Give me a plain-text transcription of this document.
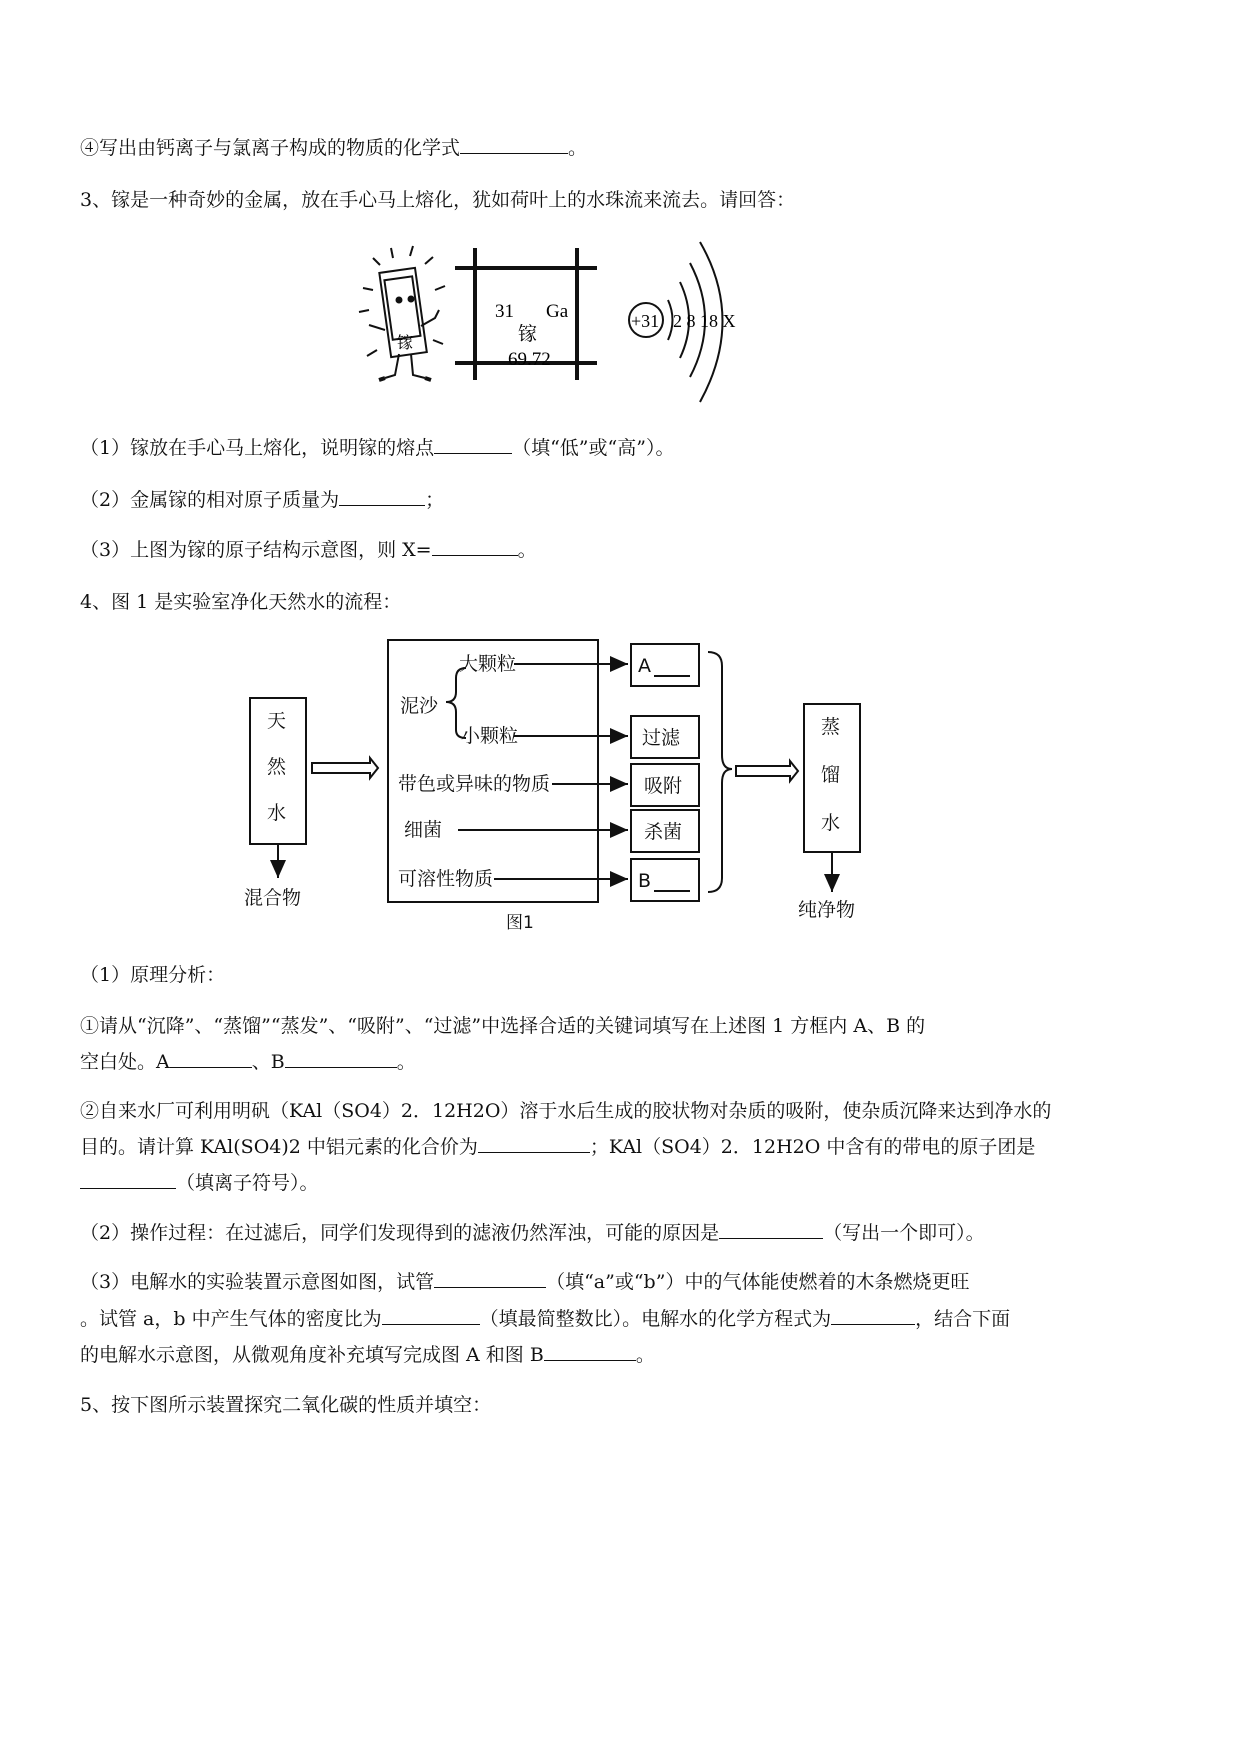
④写出由钙离子与氯离子构成的物质的化学式	。
3、镓是一种奇妙的金属，放在手心马上熔化，犹如荷叶上的水珠流来流去。请回答：
镓
31 Ga
镓
69.72
+31 2 8 18 X
（1）镓放在手心马上熔化，说明镓的熔点	（填“低”或“高”）。
（2）金属镓的相对原子质量为	；
（3）上图为镓的原子结构示意图，则 X=	。
4、图 1 是实验室净化天然水的流程：
天
然
水
混合物
泥沙
大颗粒
小颗粒
带色或异味的物质
细菌
可溶性物质
A
过滤
吸附
杀菌
B
蒸
馏
水
纯净物
图1
（1）原理分析：
①请从“沉降”、“蒸馏”“蒸发”、“吸附”、“过滤”中选择合适的关键词填写在上述图 1 方框内 A、B 的
空白处。A	、B	。
②自来水厂可利用明矾（KAl（SO4）2．12H2O）溶于水后生成的胶状物对杂质的吸附，使杂质沉降来达到净水的
目的。请计算 KAl(SO4)2 中铝元素的化合价为	；KAl（SO4）2．12H2O 中含有的带电的原子团是
（填离子符号）。
（2）操作过程：在过滤后，同学们发现得到的滤液仍然浑浊，可能的原因是	（写出一个即可）。
（3）电解水的实验装置示意图如图，试管	（填“a”或“b”）中的气体能使燃着的木条燃烧更旺
。试管 a，b 中产生气体的密度比为	（填最简整数比）。电解水的化学方程式为	，结合下面
的电解水示意图，从微观角度补充填写完成图 A 和图 B	。
5、按下图所示装置探究二氧化碳的性质并填空：
